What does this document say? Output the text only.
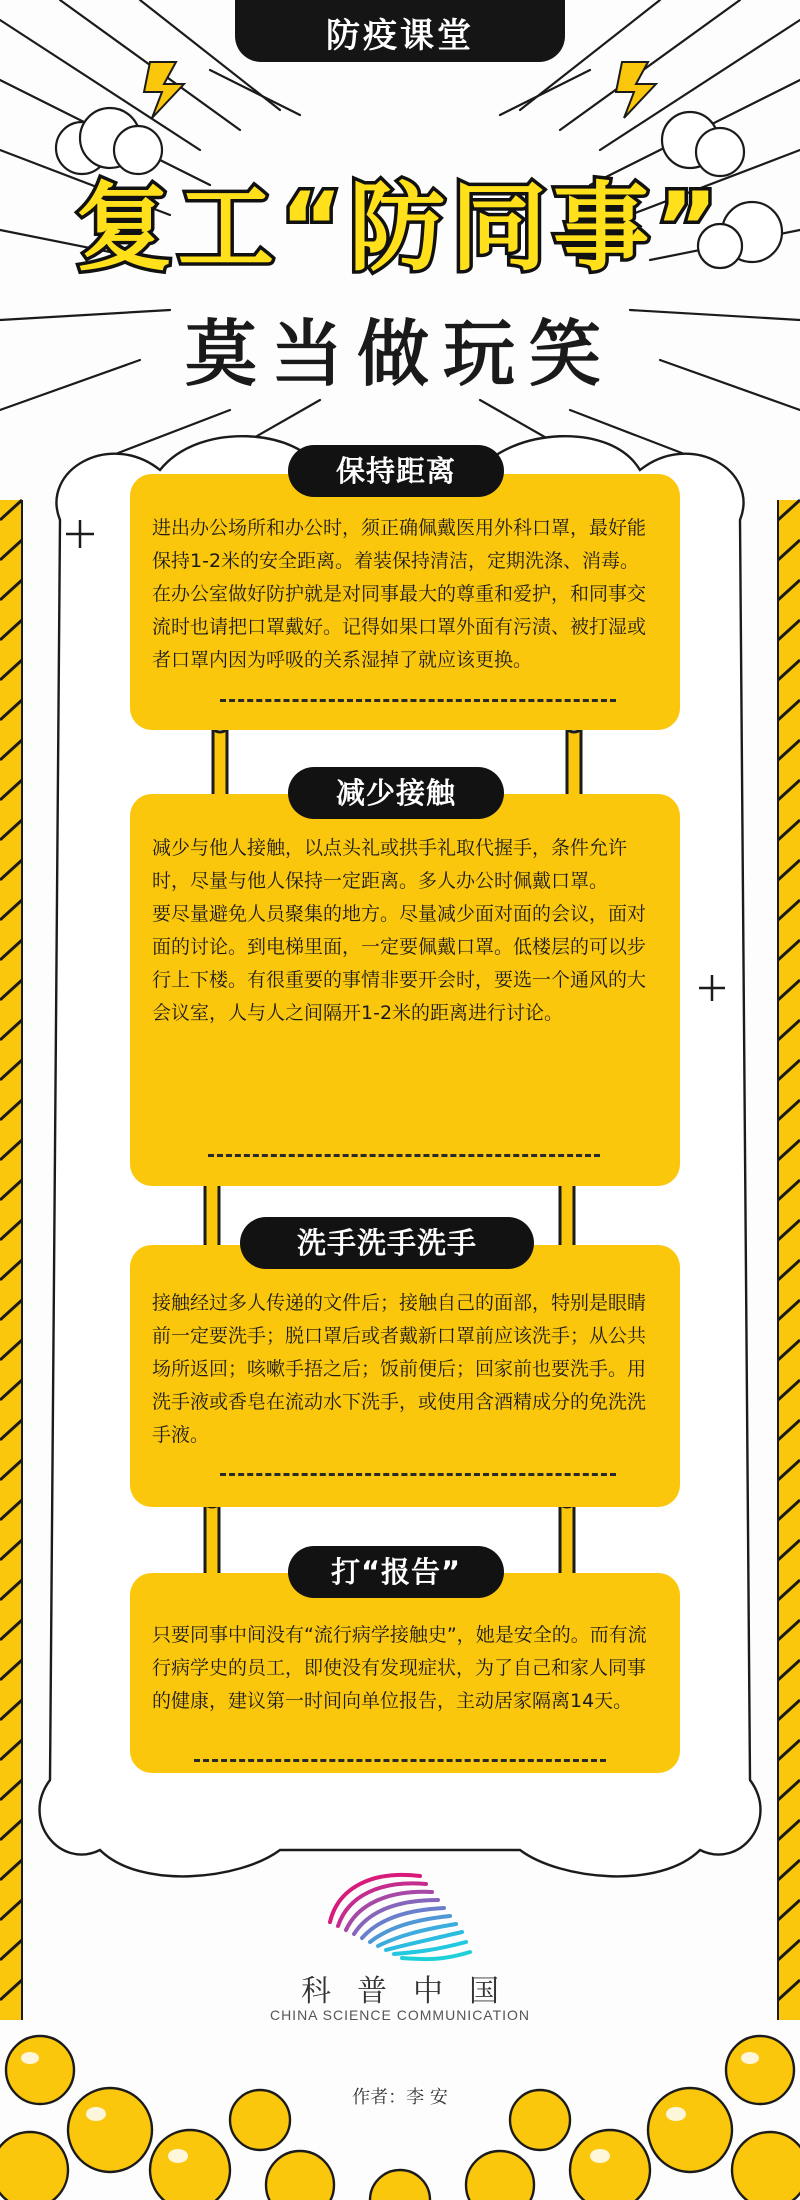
防疫课堂
复工“防同事”
莫当做玩笑

进出办公场所和办公时，须正确佩戴医用外科口罩，最好能保持1-2米的安全距离。着装保持清洁，定期洗涤、消毒。在办公室做好防护就是对同事最大的尊重和爱护，和同事交流时也请把口罩戴好。记得如果口罩外面有污渍、被打湿或者口罩内因为呼吸的关系湿掉了就应该更换。

保持距离

减少与他人接触，以点头礼或拱手礼取代握手，条件允许时，尽量与他人保持一定距离。多人办公时佩戴口罩。

要尽量避免人员聚集的地方。尽量减少面对面的会议，面对面的讨论。到电梯里面，一定要佩戴口罩。低楼层的可以步行上下楼。有很重要的事情非要开会时，要选一个通风的大会议室，人与人之间隔开1-2米的距离进行讨论。

减少接触

接触经过多人传递的文件后；接触自己的面部，特别是眼睛前一定要洗手；脱口罩后或者戴新口罩前应该洗手；从公共场所返回；咳嗽手捂之后；饭前便后；回家前也要洗手。用洗手液或香皂在流动水下洗手，或使用含酒精成分的免洗洗手液。

洗手洗手洗手

只要同事中间没有“流行病学接触史”，她是安全的。而有流行病学史的员工，即使没有发现症状，为了自己和家人同事的健康，建议第一时间向单位报告，主动居家隔离14天。

打“报告”
科普中国
CHINA SCIENCE COMMUNICATION
作者：李 安
